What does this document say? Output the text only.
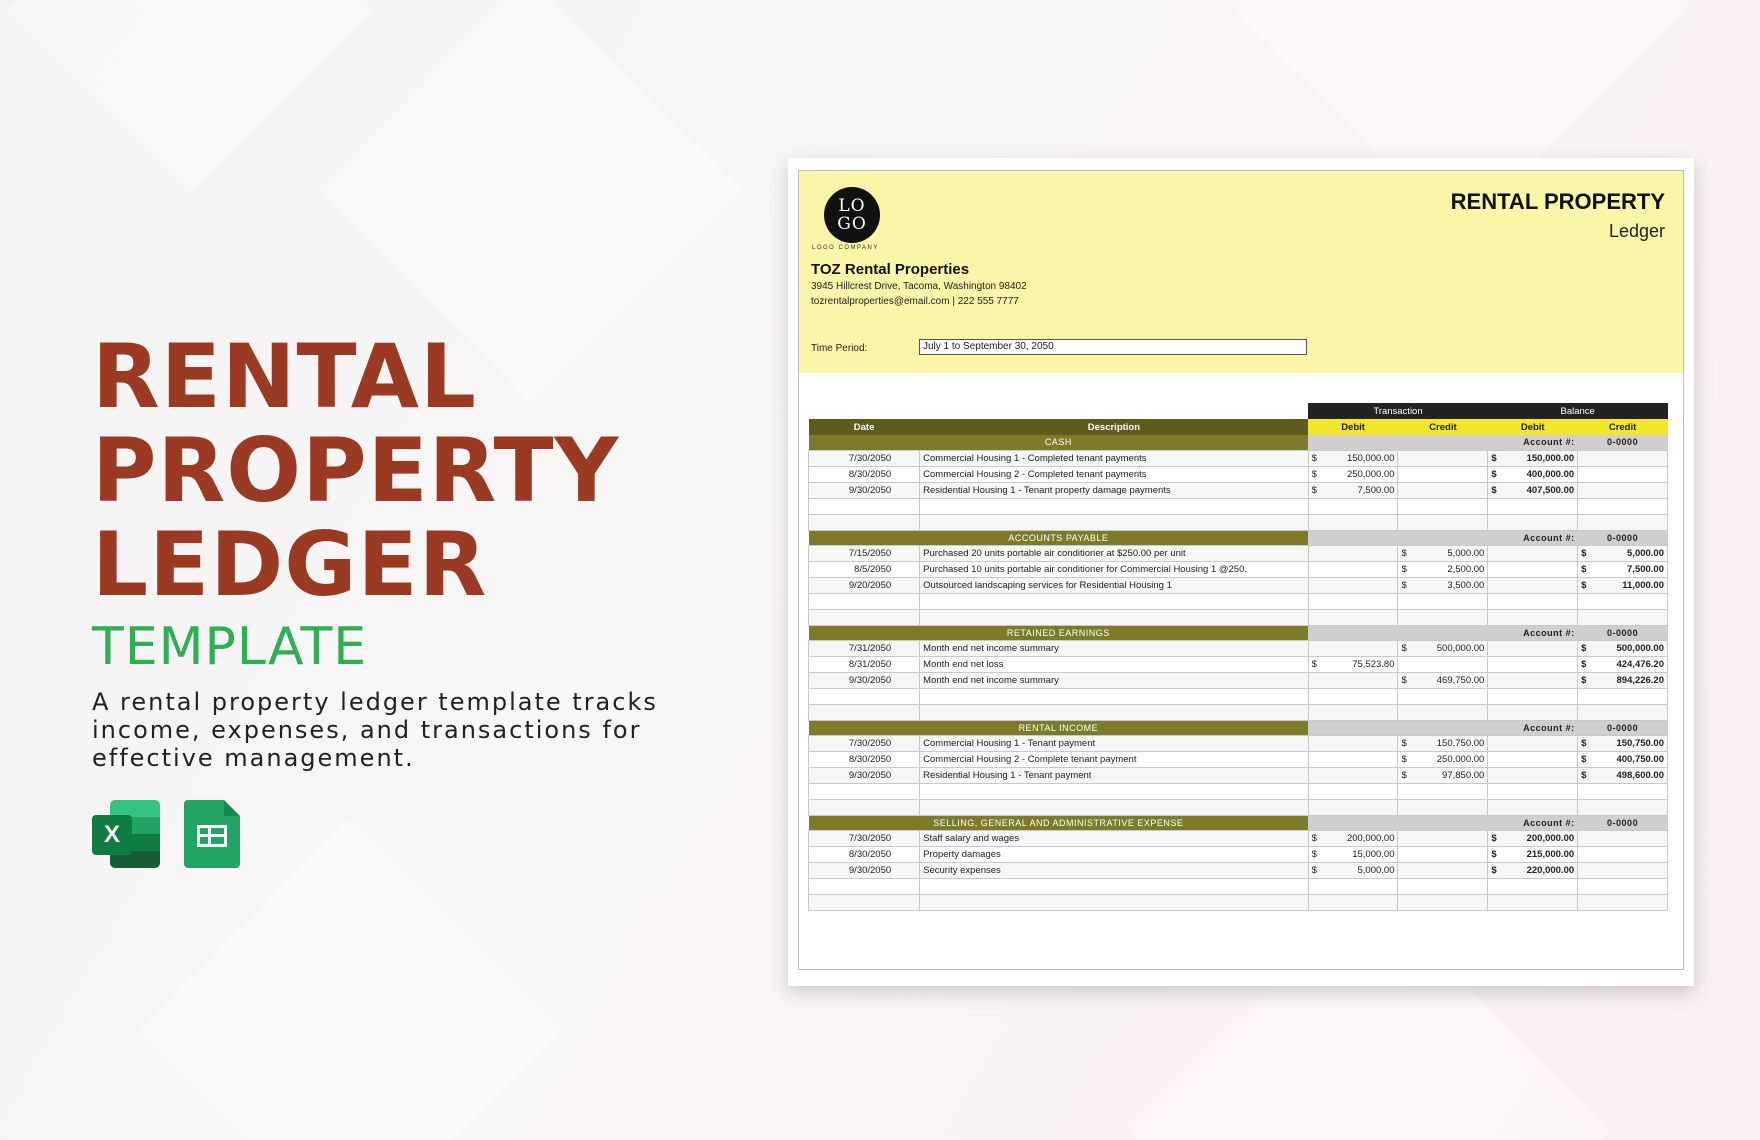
RENTAL
PROPERTY
LEDGER
TEMPLATE
A rental property ledger template tracks income, expenses, and transactions for effective management.
X
LO
GO
LOGO COMPANY
TOZ Rental Properties
3945 Hillcrest Drive, Tacoma, Washington 98402
tozrentalproperties@email.com | 222 555 7777
RENTAL PROPERTY
Ledger
Time Period:	July 1 to September 30, 2050
		Transaction		Balance	
Date	Description	Debit	Credit	Debit	Credit
CASH				Account #:	0-0000
7/30/2050	Commercial Housing 1 - Completed tenant payments	$ 150,000.00		$ 150,000.00	

8/30/2050	Commercial Housing 2 - Completed tenant payments	$ 250,000.00		$ 400,000.00	

9/30/2050	Residential Housing 1 - Tenant property damage payments	$ 7,500.00		$ 407,500.00	

ACCOUNTS PAYABLE				Account #:	0-0000
7/15/2050	Purchased 20 units portable air conditioner at $250.00 per unit		$ 5,000.00		$ 5,000.00

8/5/2050	Purchased 10 units portable air conditioner for Commercial Housing 1 @250.		$ 2,500.00		$ 7,500.00

9/20/2050	Outsourced landscaping services for Residential Housing 1		$ 3,500.00		$ 11,000.00

RETAINED EARNINGS				Account #:	0-0000
7/31/2050	Month end net income summary		$ 500,000.00		$ 500,000.00

8/31/2050	Month end net loss	$ 75,523.80			$ 424,476.20

9/30/2050	Month end net income summary		$ 469,750.00		$ 894,226.20

RENTAL INCOME				Account #:	0-0000
7/30/2050	Commercial Housing 1 - Tenant payment		$ 150,750.00		$ 150,750.00

8/30/2050	Commercial Housing 2 - Complete tenant payment		$ 250,000.00		$ 400,750.00

9/30/2050	Residential Housing 1 - Tenant payment		$ 97,850.00		$ 498,600.00

SELLING, GENERAL AND ADMINISTRATIVE EXPENSE				Account #:	0-0000
7/30/2050	Staff salary and wages	$ 200,000.00		$ 200,000.00	

8/30/2050	Property damages	$ 15,000.00		$ 215,000.00	

9/30/2050	Security expenses	$ 5,000.00		$ 220,000.00	
